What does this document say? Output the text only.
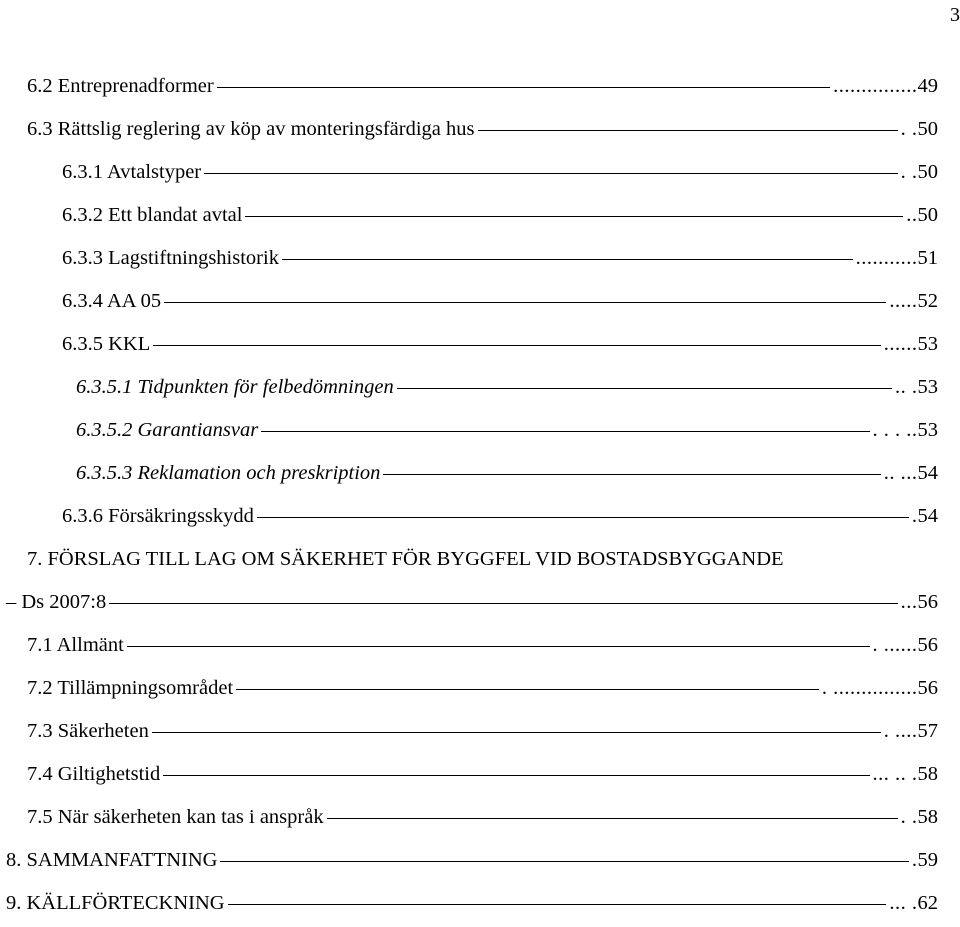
3
6.2 Entreprenadformer	............... 49
6.3 Rättslig reglering av köp av monteringsfärdiga hus	. . 50
6.3.1 Avtalstyper	. . 50
6.3.2 Ett blandat avtal	.. 50
6.3.3 Lagstiftningshistorik	........... 51
6.3.4 AA 05	..... 52
6.3.5 KKL	...... 53
6.3.5.1 Tidpunkten för felbedömningen	.. . 53
6.3.5.2 Garantiansvar	. . . .. 53
6.3.5.3 Reklamation och preskription	.. ... 54
6.3.6 Försäkringsskydd	. 54
7. FÖRSLAG TILL LAG OM SÄKERHET FÖR BYGGFEL VID BOSTADSBYGGANDE
– Ds 2007:8	... 56
7.1 Allmänt	. ...... 56
7.2 Tillämpningsområdet	. ............... 56
7.3 Säkerheten	. .... 57
7.4 Giltighetstid	... .. . 58
7.5 När säkerheten kan tas i anspråk	. . 58
8. SAMMANFATTNING	. 59
9. KÄLLFÖRTECKNING	... . 62
